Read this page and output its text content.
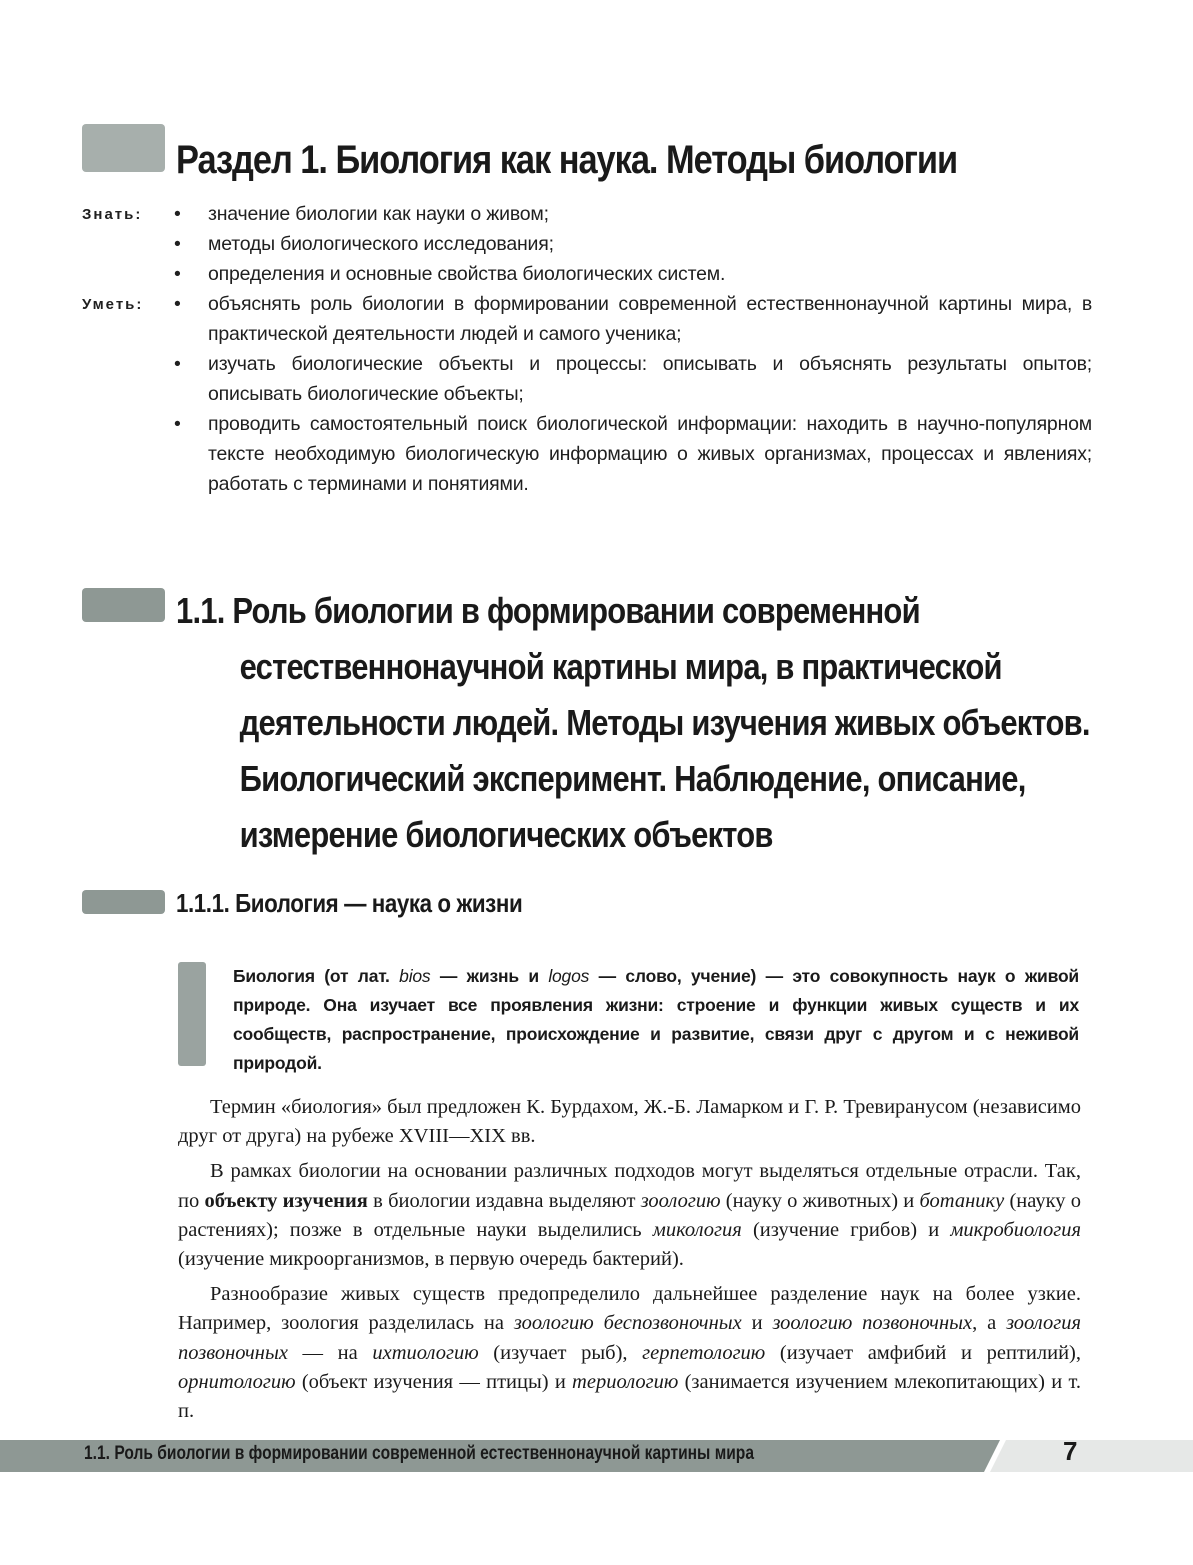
Раздел 1. Биология как наука. Методы биологии
Знать:	•	значение биологии как науки о живом;
•	методы биологического исследования;
•	определения и основные свойства биологических систем.
Уметь:	•	объяснять роль биологии в формировании современной естественнонаучной картины мира, в практической деятельности людей и самого ученика;
•	изучать биологические объекты и процессы: описывать и объяснять результаты опытов; описывать биологические объекты;
•	проводить самостоятельный поиск биологической информации: находить в научно-популярном тексте необходимую биологическую информацию о живых организмах, процессах и явлениях; работать с терминами и понятиями.
1.1. Роль биологии в формировании современной
естественнонаучной картины мира, в практической
деятельности людей. Методы изучения живых объектов.
Биологический эксперимент. Наблюдение, описание,
измерение биологических объектов
1.1.1. Биология — наука о жизни

Биология (от лат. bios — жизнь и logos — слово, учение) — это совокупность наук о живой природе. Она изучает все проявления жизни: строение и функции живых существ и их сообществ, распространение, происхождение и развитие, связи друг с другом и с неживой природой.

Термин «биология» был предложен К. Бурдахом, Ж.-Б. Ламарком и Г. Р. Тревиранусом (независимо друг от друга) на рубеже XVIII—XIX вв.

В рамках биологии на основании различных подходов могут выделяться отдельные отрасли. Так, по объекту изучения в биологии издавна выделяют зоологию (науку о животных) и ботанику (науку о растениях); позже в отдельные науки выделились микология (изучение грибов) и микробиология (изучение микроорганизмов, в первую очередь бактерий).

Разнообразие живых существ предопределило дальнейшее разделение наук на более узкие. Например, зоология разделилась на зоологию беспозвоночных и зоологию позвоночных, а зоология позвоночных — на ихтиологию (изучает рыб), герпетологию (изучает амфибий и рептилий), орнитологию (объект изучения — птицы) и териологию (занимается изучением млекопитающих) и т. п.

1.1. Роль биологии в формировании современной естественнонаучной картины мира	7
